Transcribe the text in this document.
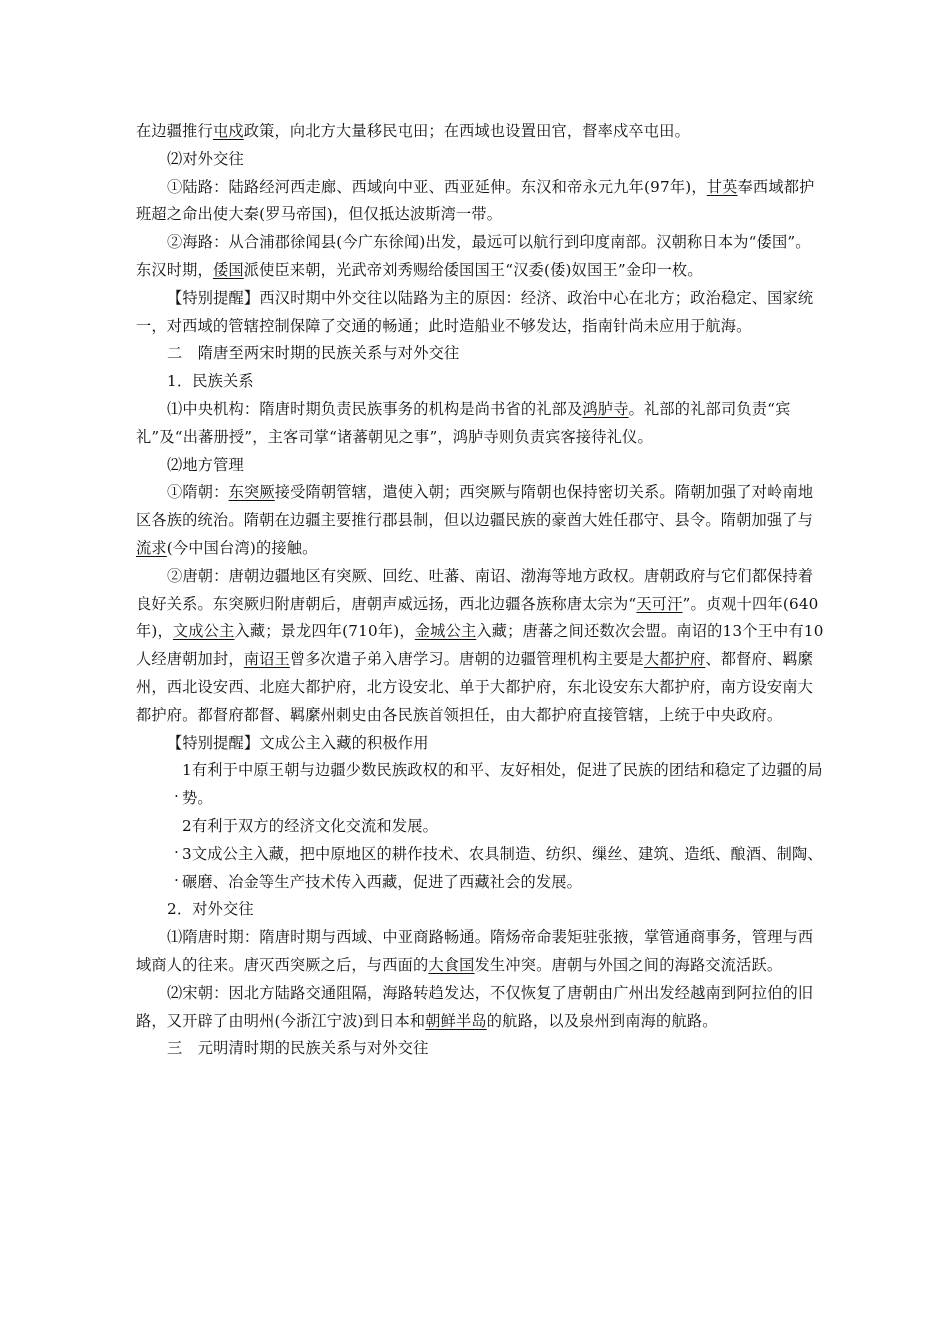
在边疆推行屯戍政策，向北方大量移民屯田；在西域也设置田官，督率戍卒屯田。

⑵对外交往

①陆路：陆路经河西走廊、西域向中亚、西亚延伸。东汉和帝永元九年(97年)，甘英奉西域都护班超之命出使大秦(罗马帝国)，但仅抵达波斯湾一带。

②海路：从合浦郡徐闻县(今广东徐闻)出发，最远可以航行到印度南部。汉朝称日本为“倭国”。 东汉时期，倭国派使臣来朝，光武帝刘秀赐给倭国国王“汉委(倭)奴国王”金印一枚。

【特别提醒】西汉时期中外交往以陆路为主的原因：经济、政治中心在北方；政治稳定、国家统一，对西域的管辖控制保障了交通的畅通；此时造船业不够发达，指南针尚未应用于航海。

二　隋唐至两宋时期的民族关系与对外交往

1．民族关系

⑴中央机构：隋唐时期负责民族事务的机构是尚书省的礼部及鸿胪寺。礼部的礼部司负责“宾礼”及“出蕃册授”，主客司掌“诸蕃朝见之事”，鸿胪寺则负责宾客接待礼仪。

⑵地方管理

①隋朝：东突厥接受隋朝管辖，遣使入朝；西突厥与隋朝也保持密切关系。隋朝加强了对岭南地区各族的统治。隋朝在边疆主要推行郡县制，但以边疆民族的豪酋大姓任郡守、县令。隋朝加强了与流求(今中国台湾)的接触。

②唐朝：唐朝边疆地区有突厥、回纥、吐蕃、南诏、渤海等地方政权。唐朝政府与它们都保持着良好关系。东突厥归附唐朝后，唐朝声威远扬，西北边疆各族称唐太宗为“天可汗”。贞观十四年(640年)，文成公主入藏；景龙四年(710年)，金城公主入藏；唐蕃之间还数次会盟。南诏的13个王中有10人经唐朝加封，南诏王曾多次遣子弟入唐学习。唐朝的边疆管理机构主要是大都护府、都督府、羁縻州，西北设安西、北庭大都护府，北方设安北、单于大都护府，东北设安东大都护府，南方设安南大都护府。都督府都督、羁縻州刺史由各民族首领担任，由大都护府直接管辖，上统于中央政府。

【特别提醒】文成公主入藏的积极作用

.
1有利于中原王朝与边疆少数民族政权的和平、友好相处，促进了民族的团结和稳定了边疆的局势。

.
2有利于双方的经济文化交流和发展。

.
3文成公主入藏，把中原地区的耕作技术、农具制造、纺织、缫丝、建筑、造纸、酿酒、制陶、碾磨、冶金等生产技术传入西藏，促进了西藏社会的发展。

2．对外交往

⑴隋唐时期：隋唐时期与西域、中亚商路畅通。隋炀帝命裴矩驻张掖，掌管通商事务，管理与西域商人的往来。唐灭西突厥之后，与西面的大食国发生冲突。唐朝与外国之间的海路交流活跃。

⑵宋朝：因北方陆路交通阻隔，海路转趋发达，不仅恢复了唐朝由广州出发经越南到阿拉伯的旧路，又开辟了由明州(今浙江宁波)到日本和朝鲜半岛的航路，以及泉州到南海的航路。

三　元明清时期的民族关系与对外交往
